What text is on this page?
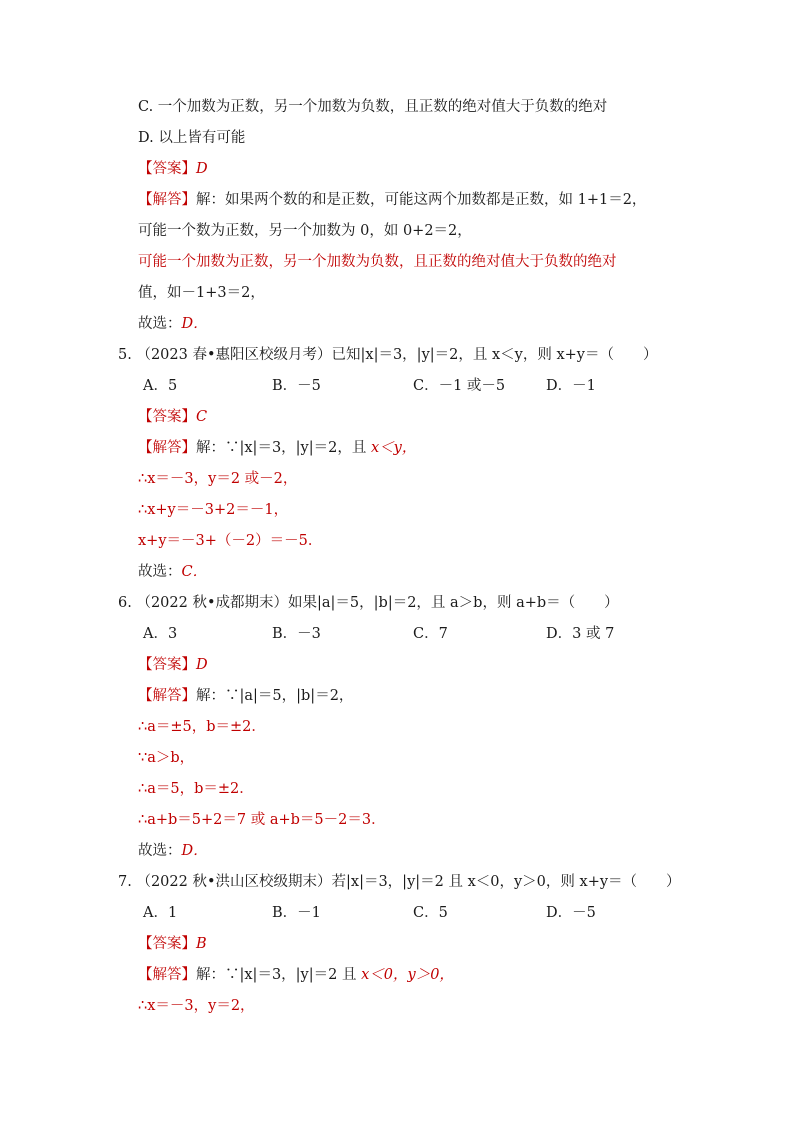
C. 一个加数为正数，另一个加数为负数，且正数的绝对值大于负数的绝对
D. 以上皆有可能
【答案】D
【解答】解：如果两个数的和是正数，可能这两个加数都是正数，如 1+1＝2，
可能一个数为正数，另一个加数为 0，如 0+2＝2，
可能一个加数为正数，另一个加数为负数，且正数的绝对值大于负数的绝对
值，如－1+3＝2，
故选：D．
5. （2023 春•惠阳区校级月考）已知|x|＝3，|y|＝2，且 x＜y，则 x+y＝（　　）
A．5	B．－5	C．－1 或－5	D．－1
【答案】C
【解答】解：∵|x|＝3，|y|＝2，且 x＜y，
∴x＝－3，y＝2 或－2，
∴x+y＝－3+2＝－1，
x+y＝－3+（－2）＝－5．
故选：C．
6. （2022 秋•成都期末）如果|a|＝5，|b|＝2，且 a＞b，则 a+b＝（　　）
A．3	B．－3	C．7	D．3 或 7
【答案】D
【解答】解：∵|a|＝5，|b|＝2，
∴a＝±5，b＝±2．
∵a＞b，
∴a＝5，b＝±2．
∴a+b＝5+2＝7 或 a+b＝5－2＝3．
故选：D．
7. （2022 秋•洪山区校级期末）若|x|＝3，|y|＝2 且 x＜0，y＞0，则 x+y＝（　　）
A．1	B．－1	C．5	D．－5
【答案】B
【解答】解：∵|x|＝3，|y|＝2 且 x＜0，y＞0，
∴x＝－3，y＝2，
